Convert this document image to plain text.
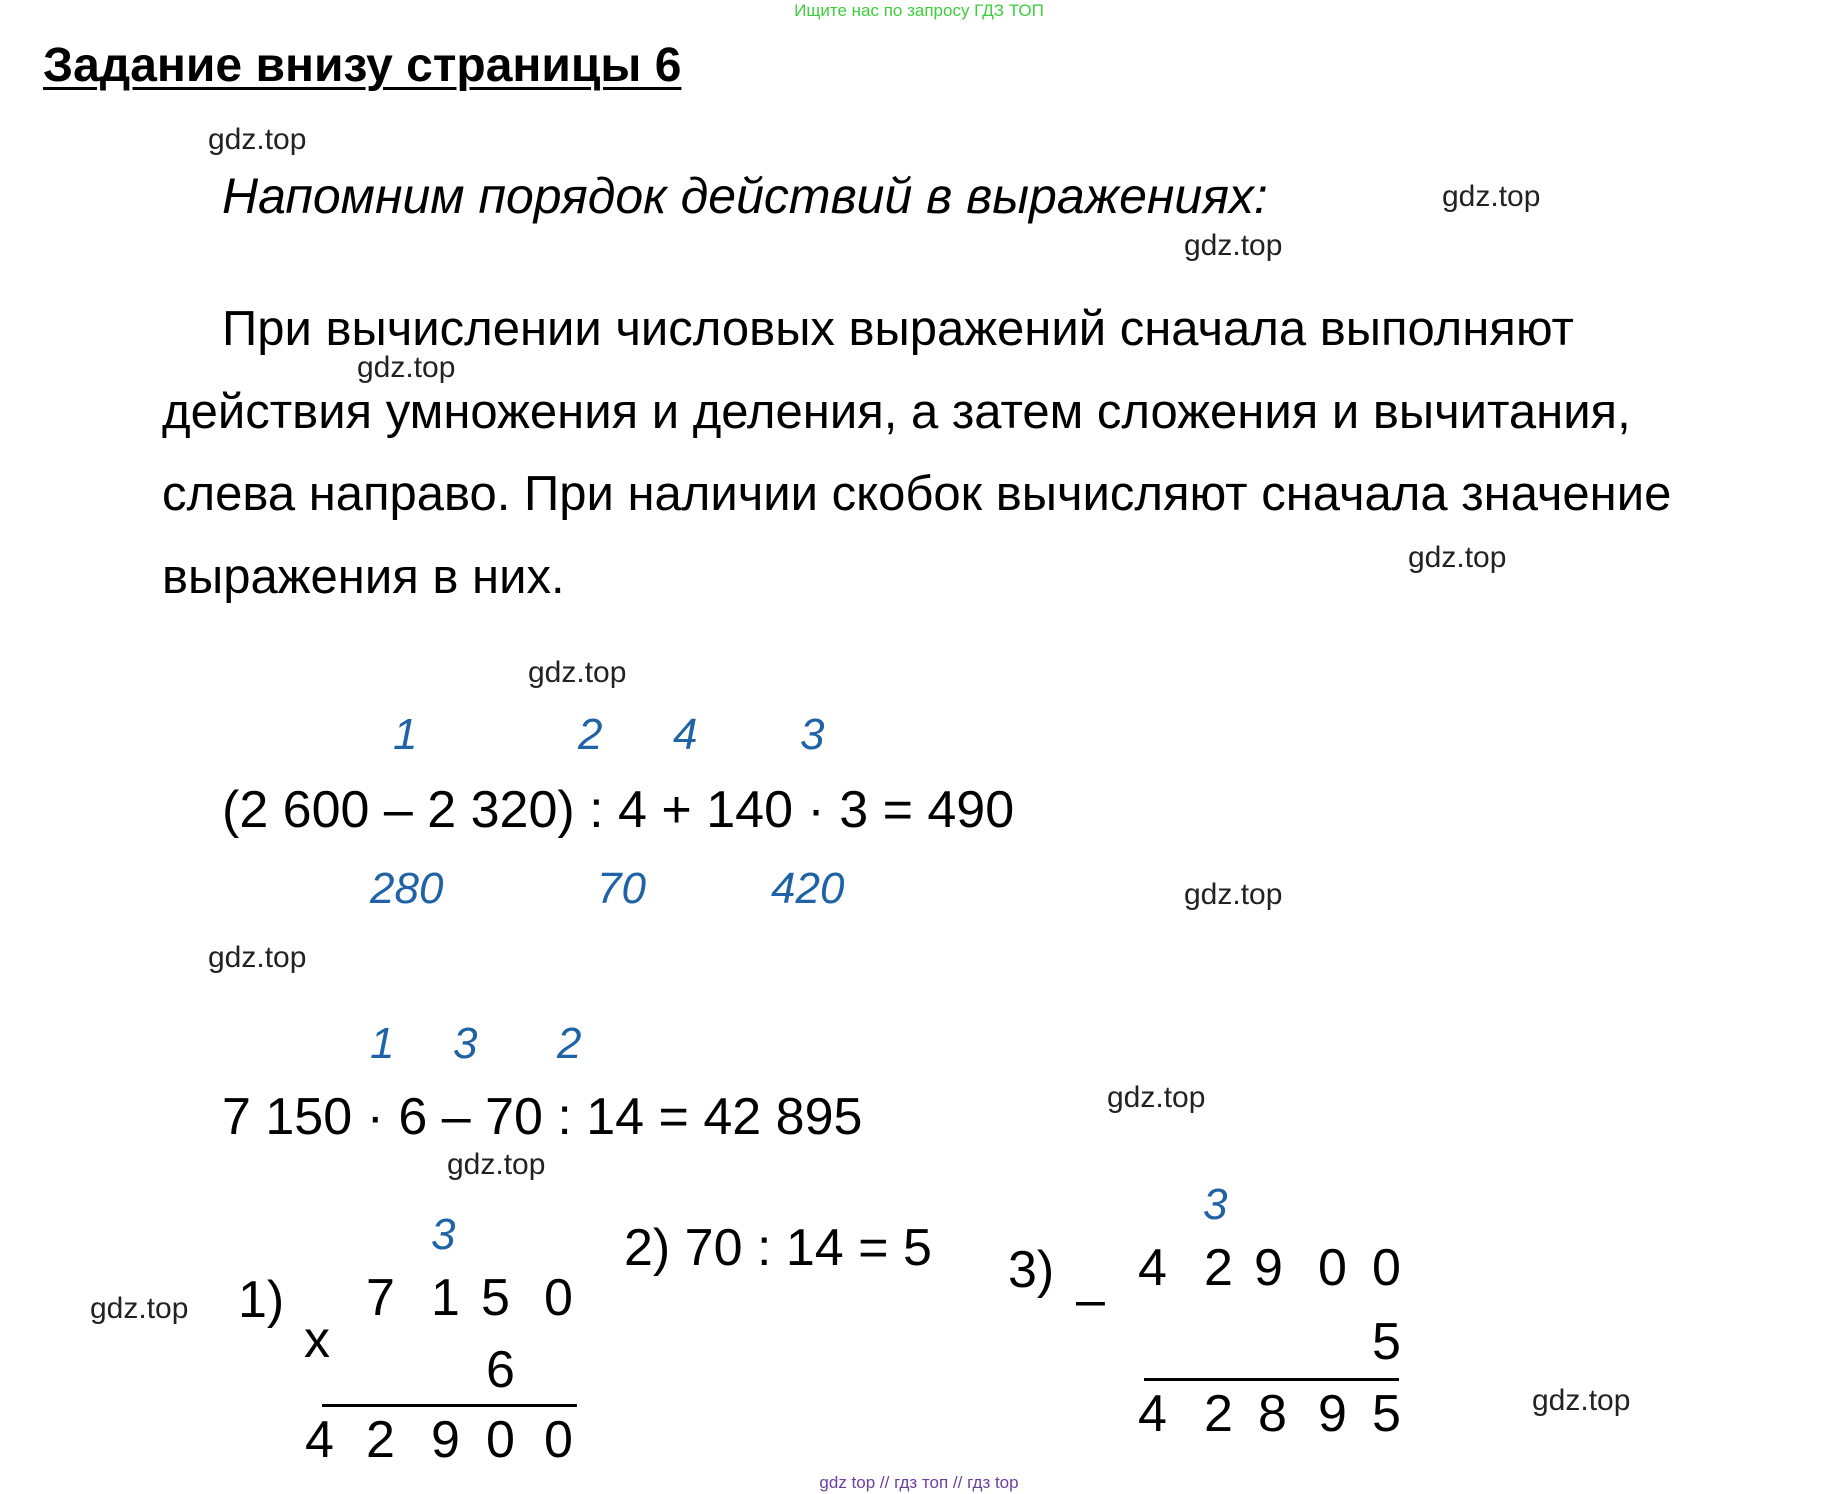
Ищите нас по запросу ГДЗ ТОП
Задание внизу страницы 6
gdz.top
gdz.top
gdz.top
gdz.top
gdz.top
gdz.top
gdz.top
gdz.top
gdz.top
gdz.top
gdz.top
gdz.top
Напомним порядок действий в выражениях:
При вычислении числовых выражений сначала выполняют
действия умножения и деления, а затем сложения и вычитания,
слева направо. При наличии скобок вычисляют сначала значение
выражения в них.
1	2 4 3
(2 600 – 2 320) : 4 + 140 · 3 = 490
280	70	420
1 3 2
7 150 · 6 – 70 : 14 = 42 895
1)
3
x
7 1 5 0
6
4 2 9 0 0
2) 70 : 14 = 5 3)
–
3
4 2 9 0 0
5
4 2 8 9 5
gdz top // гдз топ // гдз top
